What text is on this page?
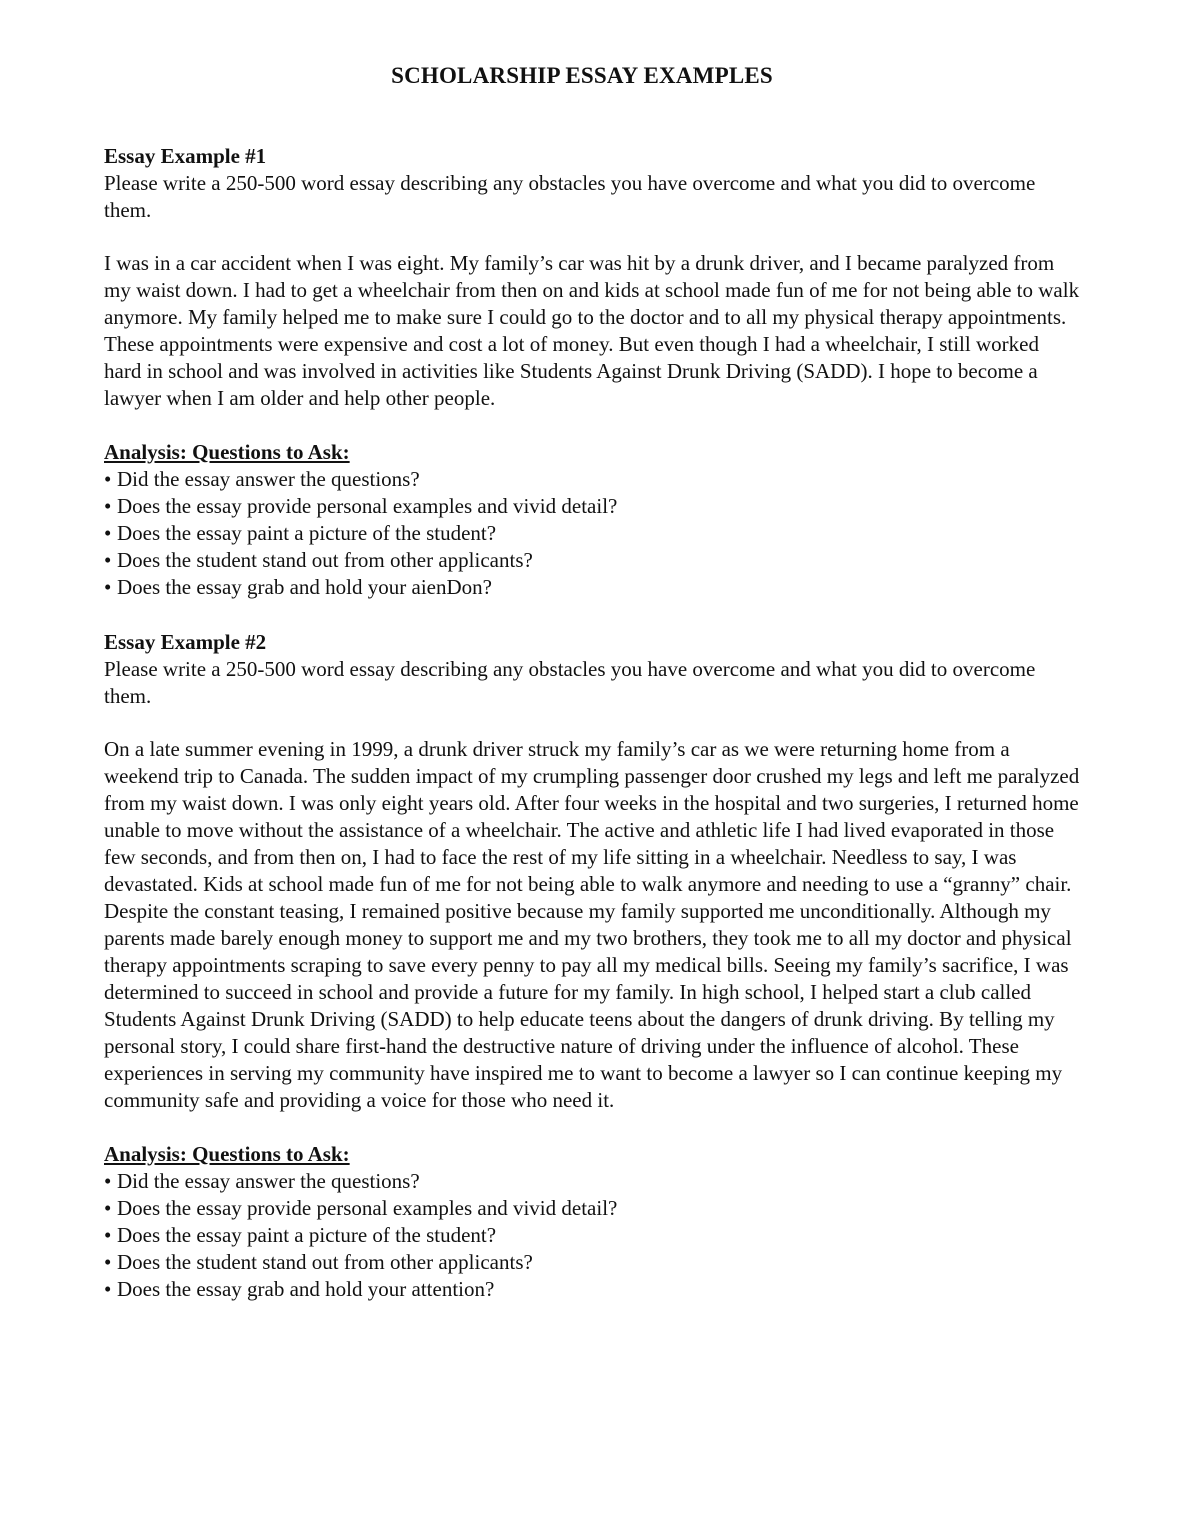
SCHOLARSHIP ESSAY EXAMPLES
Essay Example #1

Please write a 250-500 word essay describing any obstacles you have overcome and what you did to overcome them.

I was in a car accident when I was eight. My family’s car was hit by a drunk driver, and I became paralyzed from my waist down. I had to get a wheelchair from then on and kids at school made fun of me for not being able to walk anymore. My family helped me to make sure I could go to the doctor and to all my physical therapy appointments. These appointments were expensive and cost a lot of money. But even though I had a wheelchair, I still worked hard in school and was involved in activities like Students Against Drunk Driving (SADD). I hope to become a lawyer when I am older and help other people.

Analysis: Questions to Ask:
• Did the essay answer the questions?
• Does the essay provide personal examples and vivid detail?
• Does the essay paint a picture of the student?
• Does the student stand out from other applicants?
• Does the essay grab and hold your aienDon?
Essay Example #2

Please write a 250-500 word essay describing any obstacles you have overcome and what you did to overcome them.

On a late summer evening in 1999, a drunk driver struck my family’s car as we were returning home from a weekend trip to Canada. The sudden impact of my crumpling passenger door crushed my legs and left me paralyzed from my waist down. I was only eight years old. After four weeks in the hospital and two surgeries, I returned home unable to move without the assistance of a wheelchair. The active and athletic life I had lived evaporated in those few seconds, and from then on, I had to face the rest of my life sitting in a wheelchair. Needless to say, I was devastated. Kids at school made fun of me for not being able to walk anymore and needing to use a “granny” chair. Despite the constant teasing, I remained positive because my family supported me unconditionally. Although my parents made barely enough money to support me and my two brothers, they took me to all my doctor and physical therapy appointments scraping to save every penny to pay all my medical bills. Seeing my family’s sacrifice, I was determined to succeed in school and provide a future for my family. In high school, I helped start a club called Students Against Drunk Driving (SADD) to help educate teens about the dangers of drunk driving. By telling my personal story, I could share first-hand the destructive nature of driving under the influence of alcohol. These experiences in serving my community have inspired me to want to become a lawyer so I can continue keeping my community safe and providing a voice for those who need it.

Analysis: Questions to Ask:
• Did the essay answer the questions?
• Does the essay provide personal examples and vivid detail?
• Does the essay paint a picture of the student?
• Does the student stand out from other applicants?
• Does the essay grab and hold your attention?
